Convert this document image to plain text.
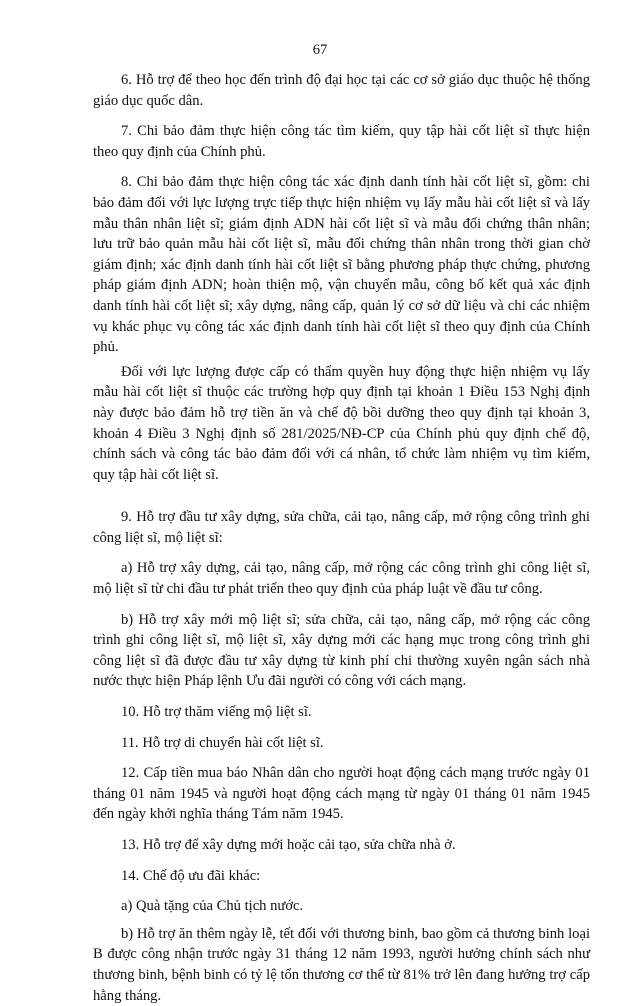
67

6. Hỗ trợ để theo học đến trình độ đại học tại các cơ sở giáo dục thuộc hệ thống giáo dục quốc dân.

7. Chi bảo đảm thực hiện công tác tìm kiếm, quy tập hài cốt liệt sĩ thực hiện theo quy định của Chính phủ.

8. Chi bảo đảm thực hiện công tác xác định danh tính hài cốt liệt sĩ, gồm: chi bảo đảm đối với lực lượng trực tiếp thực hiện nhiệm vụ lấy mẫu hài cốt liệt sĩ và lấy mẫu thân nhân liệt sĩ; giám định ADN hài cốt liệt sĩ và mẫu đối chứng thân nhân; lưu trữ bảo quản mẫu hài cốt liệt sĩ, mẫu đối chứng thân nhân trong thời gian chờ giám định; xác định danh tính hài cốt liệt sĩ bằng phương pháp thực chứng, phương pháp giám định ADN; hoàn thiện mộ, vận chuyển mẫu, công bố kết quả xác định danh tính hài cốt liệt sĩ; xây dựng, nâng cấp, quản lý cơ sở dữ liệu và chi các nhiệm vụ khác phục vụ công tác xác định danh tính hài cốt liệt sĩ theo quy định của Chính phủ.

Đối với lực lượng được cấp có thẩm quyền huy động thực hiện nhiệm vụ lấy mẫu hài cốt liệt sĩ thuộc các trường hợp quy định tại khoản 1 Điều 153 Nghị định này được bảo đảm hỗ trợ tiền ăn và chế độ bồi dưỡng theo quy định tại khoản 3, khoản 4 Điều 3 Nghị định số 281/2025/NĐ-CP của Chính phủ quy định chế độ, chính sách và công tác bảo đảm đối với cá nhân, tổ chức làm nhiệm vụ tìm kiếm, quy tập hài cốt liệt sĩ.

9. Hỗ trợ đầu tư xây dựng, sửa chữa, cải tạo, nâng cấp, mở rộng công trình ghi công liệt sĩ, mộ liệt sĩ:

a) Hỗ trợ xây dựng, cải tạo, nâng cấp, mở rộng các công trình ghi công liệt sĩ, mộ liệt sĩ từ chi đầu tư phát triển theo quy định của pháp luật về đầu tư công.

b) Hỗ trợ xây mới mộ liệt sĩ; sửa chữa, cải tạo, nâng cấp, mở rộng các công trình ghi công liệt sĩ, mộ liệt sĩ, xây dựng mới các hạng mục trong công trình ghi công liệt sĩ đã được đầu tư xây dựng từ kinh phí chi thường xuyên ngân sách nhà nước thực hiện Pháp lệnh Ưu đãi người có công với cách mạng.

10. Hỗ trợ thăm viếng mộ liệt sĩ.

11. Hỗ trợ di chuyển hài cốt liệt sĩ.

12. Cấp tiền mua báo Nhân dân cho người hoạt động cách mạng trước ngày 01 tháng 01 năm 1945 và người hoạt động cách mạng từ ngày 01 tháng 01 năm 1945 đến ngày khởi nghĩa tháng Tám năm 1945.

13. Hỗ trợ để xây dựng mới hoặc cải tạo, sửa chữa nhà ở.

14. Chế độ ưu đãi khác:

a) Quà tặng của Chủ tịch nước.

b) Hỗ trợ ăn thêm ngày lễ, tết đối với thương binh, bao gồm cả thương binh loại B được công nhận trước ngày 31 tháng 12 năm 1993, người hưởng chính sách như thương binh, bệnh binh có tỷ lệ tổn thương cơ thể từ 81% trở lên đang hưởng trợ cấp hằng tháng.
